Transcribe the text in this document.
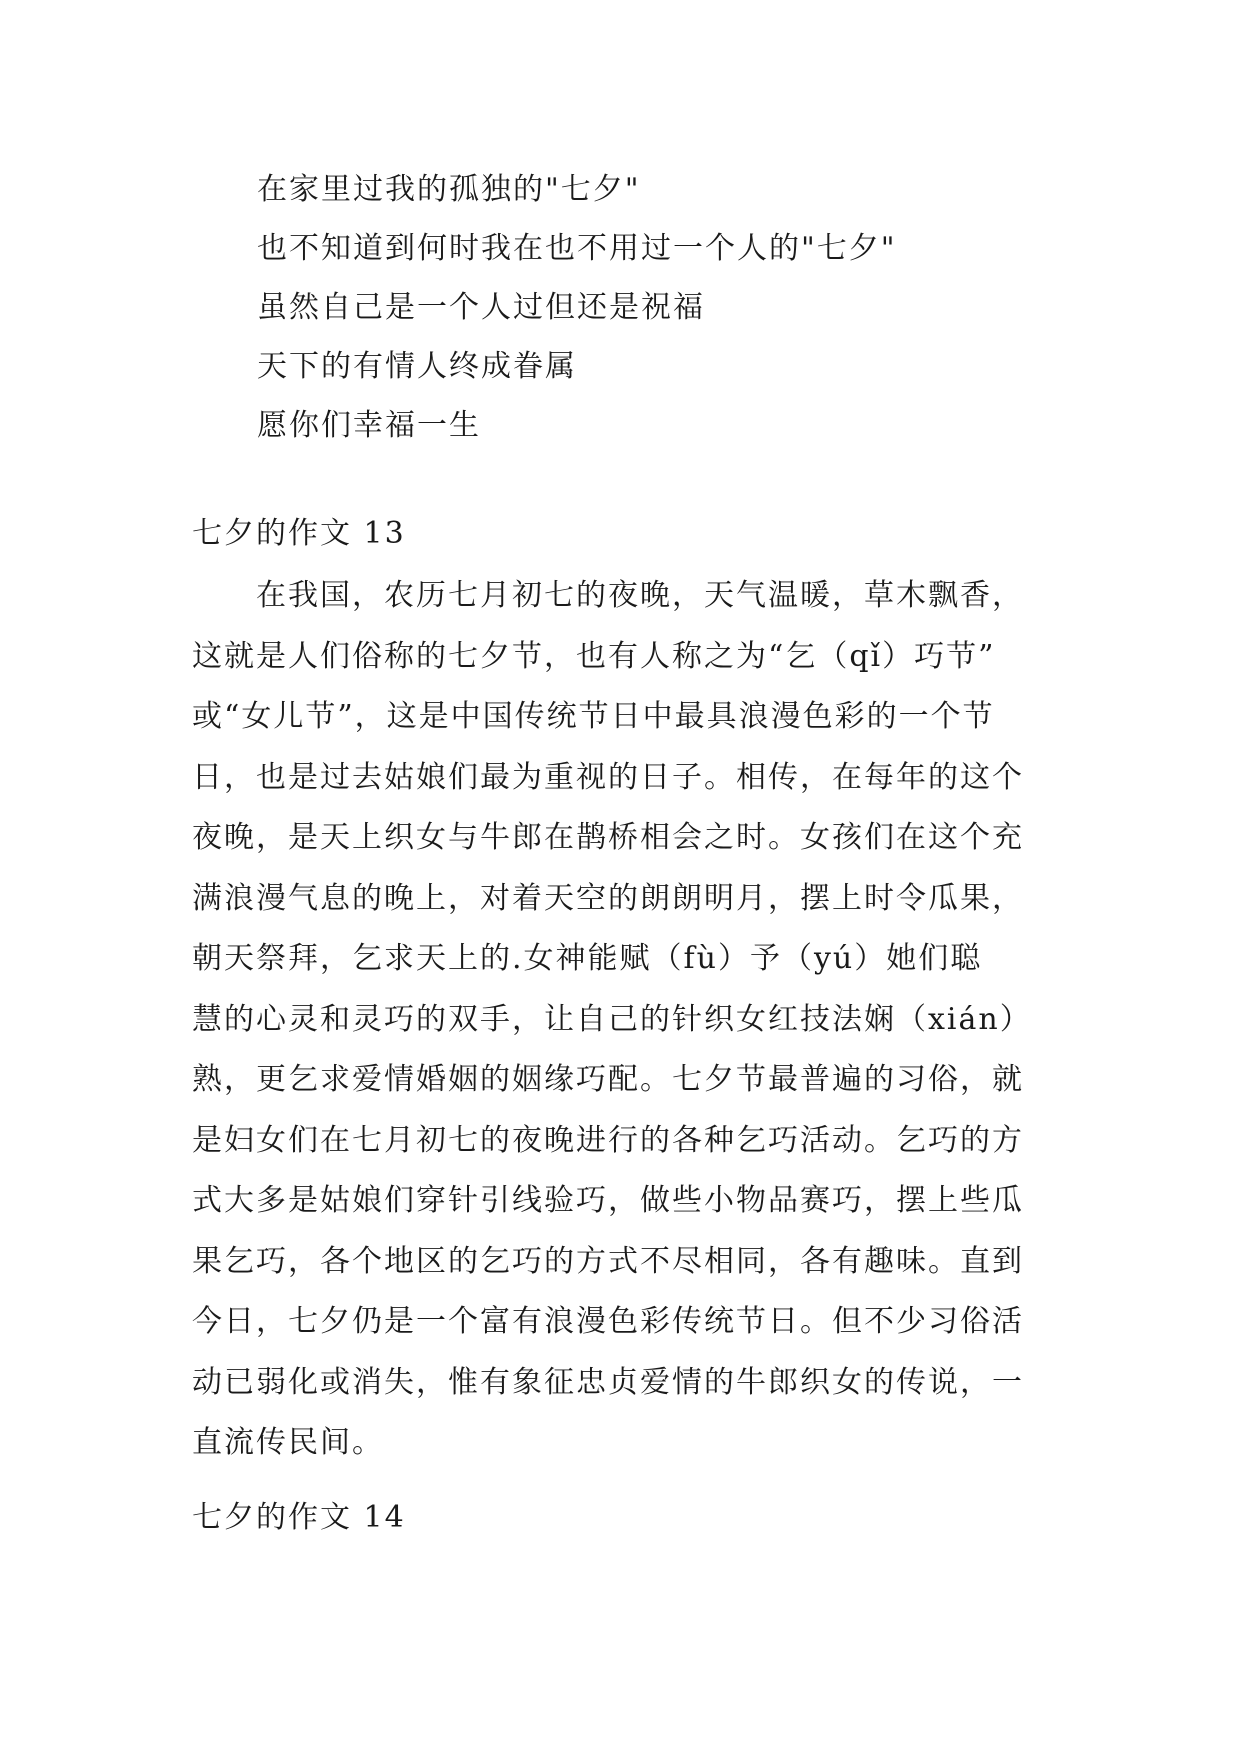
在家里过我的孤独的"七夕"
也不知道到何时我在也不用过一个人的"七夕"
虽然自己是一个人过但还是祝福
天下的有情人终成眷属
愿你们幸福一生
七夕的作文 13
在我国，农历七月初七的夜晚，天气温暖，草木飘香，
这就是人们俗称的七夕节，也有人称之为“乞（qǐ）巧节”
或“女儿节”，这是中国传统节日中最具浪漫色彩的一个节
日，也是过去姑娘们最为重视的日子。相传，在每年的这个
夜晚，是天上织女与牛郎在鹊桥相会之时。女孩们在这个充
满浪漫气息的晚上，对着天空的朗朗明月，摆上时令瓜果，
朝天祭拜，乞求天上的.女神能赋（fù）予（yú）她们聪
慧的心灵和灵巧的双手，让自己的针织女红技法娴（xián）
熟，更乞求爱情婚姻的姻缘巧配。七夕节最普遍的习俗，就
是妇女们在七月初七的夜晚进行的各种乞巧活动。乞巧的方
式大多是姑娘们穿针引线验巧，做些小物品赛巧，摆上些瓜
果乞巧，各个地区的乞巧的方式不尽相同，各有趣味。直到
今日，七夕仍是一个富有浪漫色彩传统节日。但不少习俗活
动已弱化或消失，惟有象征忠贞爱情的牛郎织女的传说，一
直流传民间。
七夕的作文 14
